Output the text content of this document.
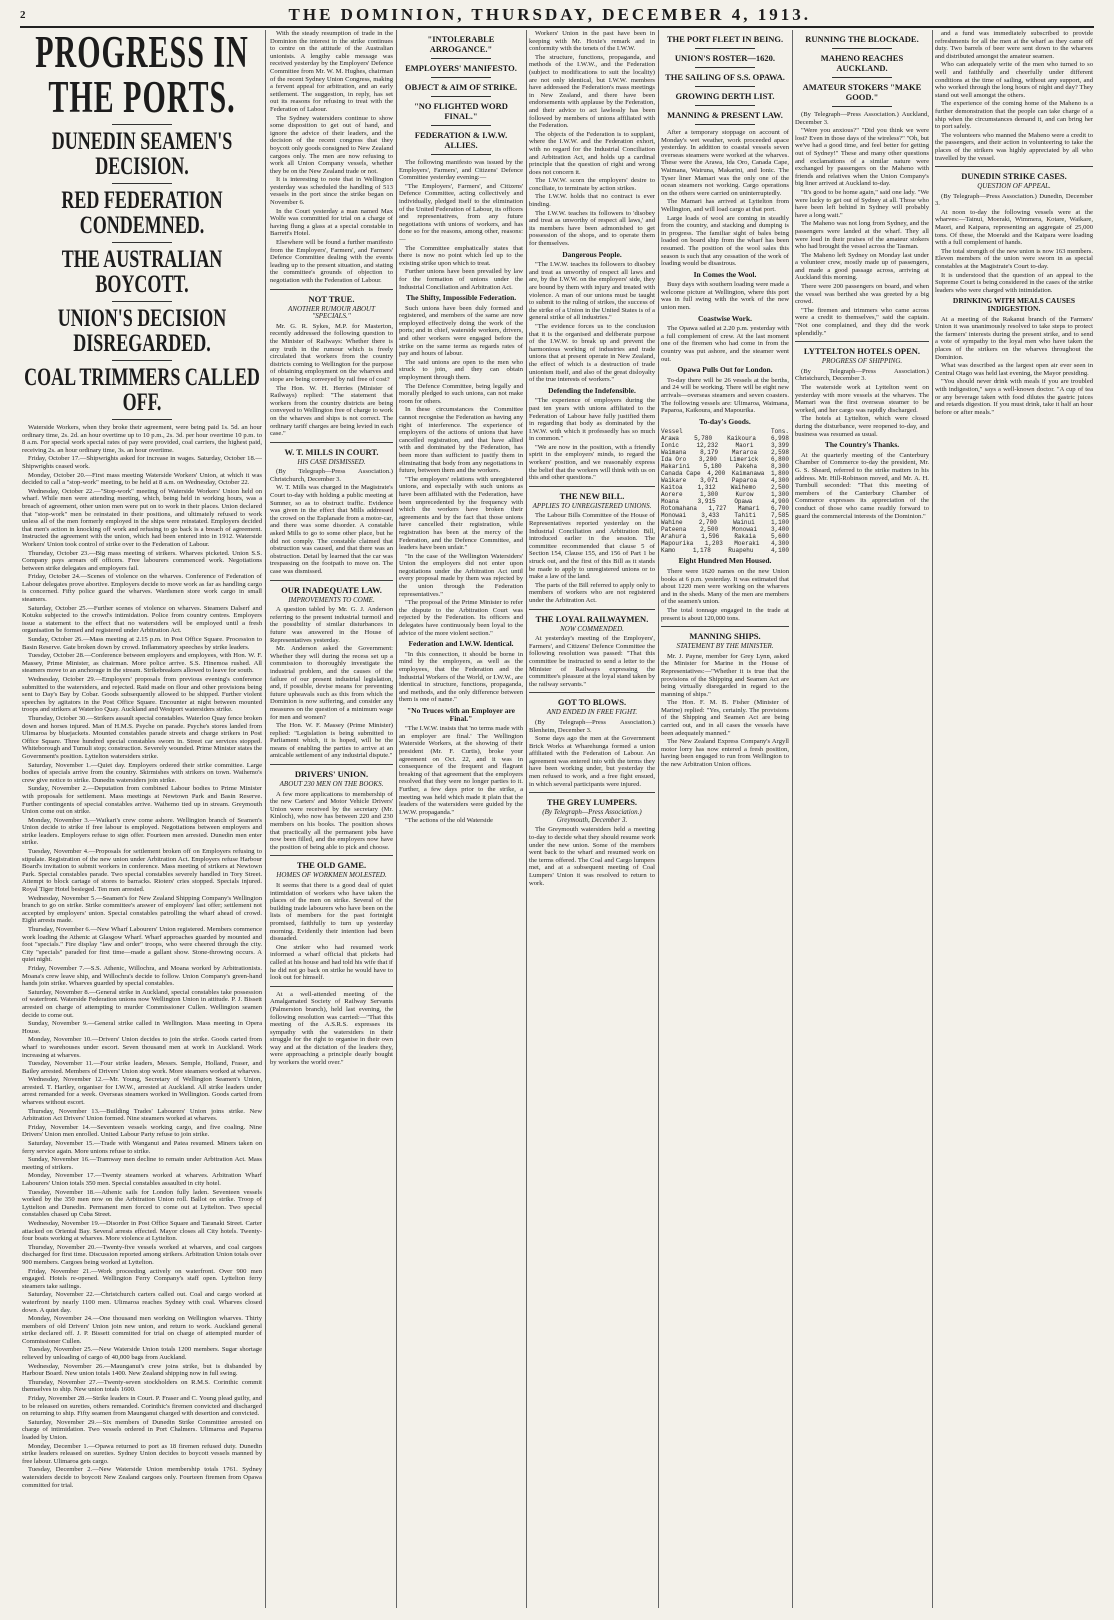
2	THE DOMINION, THURSDAY, DECEMBER 4, 1913.
PROGRESS IN THE PORTS.
DUNEDIN SEAMEN'S DECISION.
RED FEDERATION CONDEMNED.
THE AUSTRALIAN BOYCOTT.
UNION'S DECISION DISREGARDED.
COAL TRIMMERS CALLED OFF.

Waterside Workers, when they broke their agreement, were being paid 1s. 5d. an hour ordinary time, 2s. 2d. an hour overtime up to 10 p.m., 2s. 3d. per hour overtime 10 p.m. to 8 a.m. For special work special rates of pay were provided, coal carriers, the highest paid, receiving 2s. an hour ordinary time, 3s. an hour overtime.

Friday, October 17.—Shipwrights asked for increase in wages. Saturday, October 18.—Shipwrights ceased work.

Monday, October 20.—First mass meeting Waterside Workers' Union, at which it was decided to call a "stop-work" meeting, to be held at 8 a.m. on Wednesday, October 22.

Wednesday, October 22.—"Stop-work" meeting of Waterside Workers' Union held on wharf. While men were attending meeting, which, being held in working hours, was a breach of agreement, other union men were put on to work in their places. Union declared that "stop-work" men be reinstated in their positions, and ultimately refused to work unless all of the men formerly employed in the ships were reinstated. Employers decided that men's action in knocking off work and refusing to go back is a breach of agreement. Instructed the agreement with the union, which had been entered into in 1912. Waterside Workers' Union took control of strike over to the Federation of Labour.

Thursday, October 23.—Big mass meeting of strikers. Wharves picketed. Union S.S. Company pays arrears off officers. Free labourers commenced work. Negotiations between strike delegates and employers fail.

Friday, October 24.—Scenes of violence on the wharves. Conference of Federation of Labour delegates prove abortive. Employers decide to move work as far as handling cargo is concerned. Fifty police guard the wharves. Wardsmen store work cargo in small steamers.

Saturday, October 25.—Further scenes of violence on wharves. Steamers Dalserf and Kotuku subjected to the crowd's intimidation. Police from country centres. Employers issue a statement to the effect that no watersiders will be employed until a fresh organisation be formed and registered under Arbitration Act.

Sunday, October 26.—Mass meeting at 2.15 p.m. in Post Office Square. Procession to Basin Reserve. Gate broken down by crowd. Inflammatory speeches by strike leaders.

Tuesday, October 28.—Conference between employers and employees, with Hon. W. F. Massey, Prime Minister, as chairman. More police arrive. S.S. Hinemoa rushed. All steamers move to an anchorage in the stream. Strikebreakers allowed to leave for south.

Wednesday, October 29.—Employers' proposals from previous evening's conference submitted to the watersiders, and rejected. Raid made on flour and other provisions being sent to Day's Bay by Cobar. Goods subsequently allowed to be shipped. Further violent speeches by agitators in the Post Office Square. Encounter at night between mounted troops and strikers at Waterloo Quay. Auckland and Westport watersiders strike.

Thursday, October 30.—Strikers assault special constables. Waterloo Quay fence broken down and horses injured. Man of H.M.S. Psyche on parade. Psyche's stores landed from Ulimaroa by bluejackets. Mounted constables parade streets and charge strikers in Post Office Square. Three hundred special constables sworn in. Street car services stopped. Whiteborough and Tumuli stop; construction. Severely wounded. Prime Minister states the Government's position. Lyttelton watersiders strike.

Saturday, November 1.—Quiet day. Employers ordered their strike committee. Large bodies of specials arrive from the country. Skirmishes with strikers on town. Waihemo's crew give notice to strike. Dunedin watersiders join strike.

Sunday, November 2.—Deputation from combined Labour bodies to Prime Minister with proposals for settlement. Mass meetings at Newtown Park and Basin Reserve. Further contingents of special constables arrive. Waihemo tied up in stream. Greymouth Union come out on strike.

Monday, November 3.—Waikari's crew come ashore. Wellington branch of Seamen's Union decide to strike if free labour is employed. Negotiations between employers and strike leaders. Employers refuse to sign offer. Fourteen men arrested. Dunedin men enter strike.

Tuesday, November 4.—Proposals for settlement broken off on Employers refusing to stipulate. Registration of the new union under Arbitration Act. Employers refuse Harbour Board's invitation to submit workers in conference. Mass meeting of strikers at Newtown Park. Special constables parade. Two special constables severely handled in Tory Street. Attempt to block cartage of stores to barracks. Rioters' cries stopped. Specials injured. Royal Tiger Hotel besieged. Ten men arrested.

Wednesday, November 5.—Seamen's for New Zealand Shipping Company's Wellington branch to go on strike. Strike committee's answer of employers' last offer; settlement not accepted by employers' union. Special constables patrolling the wharf ahead of crowd. Eight arrests made.

Thursday, November 6.—New Wharf Labourers' Union registered. Members commence work loading the Athenic at Glasgow Wharf. Wharf approaches guarded by mounted and foot "specials." Fire display "law and order" troops, who were cheered through the city. City "specials" paraded for first time—made a gallant show. Stone-throwing occurs. A quiet night.

Friday, November 7.—S.S. Athenic, Willochra, and Moana worked by Arbitrationists. Moana's crew leave ship, and Willochra's decide to follow. Union Company's green-hand hands join strike. Wharves guarded by special constables.

Saturday, November 8.—General strike in Auckland, special constables take possession of waterfront. Waterside Federation unions now Wellington Union in attitude. P. J. Bissett arrested on charge of attempting to murder Commissioner Cullen. Wellington seamen decide to come out.

Sunday, November 9.—General strike called in Wellington. Mass meeting in Opera House.

Monday, November 10.—Drivers' Union decides to join the strike. Goods carted from wharf to warehouses under escort. Seven thousand men at work in Auckland. Work increasing at wharves.

Tuesday, November 11.—Four strike leaders, Messrs. Semple, Holland, Fraser, and Bailey arrested. Members of Drivers' Union stop work. More steamers worked at wharves.

Wednesday, November 12.—Mr. Young, Secretary of Wellington Seamen's Union, arrested. T. Hartley, organiser for I.W.W., arrested at Auckland. All strike leaders under arrest remanded for a week. Overseas steamers worked in Wellington. Goods carted from wharves without escort.

Thursday, November 13.—Building Trades' Labourers' Union joins strike. New Arbitration Act Drivers' Union formed. Nine steamers worked at wharves.

Friday, November 14.—Seventeen vessels working cargo, and five coaling. Nine Drivers' Union men enrolled. United Labour Party refuse to join strike.

Saturday, November 15.—Trade with Wanganui and Patea resumed. Miners taken on ferry service again. More unions refuse to strike.

Sunday, November 16.—Tramway men decline to remain under Arbitration Act. Mass meeting of strikers.

Monday, November 17.—Twenty steamers worked at wharves. Arbitration Wharf Labourers' Union totals 350 men. Special constables assaulted in city hotel.

Tuesday, November 18.—Athenic sails for London fully laden. Seventeen vessels worked by the 350 men now on the Arbitration Union roll. Ballot on strike. Troop of Lyttelton and Dunedin. Permanent men forced to come out at Lyttelton. Two special constables chased up Cuba Street.

Wednesday, November 19.—Disorder in Post Office Square and Taranaki Street. Carter attacked on Oriental Bay. Several arrests effected. Mayor closes all City hotels. Twenty-four boats working at wharves. More violence at Lyttelton.

Thursday, November 20.—Twenty-five vessels worked at wharves, and coal cargoes discharged for first time. Discussion reported among strikers. Arbitration Union totals over 900 members. Cargoes being worked at Lyttelton.

Friday, November 21.—Work proceeding actively on waterfront. Over 900 men engaged. Hotels re-opened. Wellington Ferry Company's staff open. Lyttelton ferry steamers take sailings.

Saturday, November 22.—Christchurch carters called out. Coal and cargo worked at waterfront by nearly 1100 men. Ulimaroa reaches Sydney with coal. Wharves closed down. A quiet day.

Monday, November 24.—One thousand men working on Wellington wharves. Thirty members of old Drivers' Union join new union, and return to work. Auckland general strike declared off. J. P. Bissett committed for trial on charge of attempted murder of Commissioner Cullen.

Tuesday, November 25.—New Waterside Union totals 1200 members. Sugar shortage relieved by unloading of cargo of 40,000 bags from Auckland.

Wednesday, November 26.—Maunganui's crew joins strike, but is disbanded by Harbour Board. New union totals 1400. New Zealand shipping now in full swing.

Thursday, November 27.—Twenty-seven stockholders on R.M.S. Corinthic commit themselves to ship. New union totals 1600.

Friday, November 28.—Strike leaders in Court. P. Fraser and C. Young plead guilty, and to be released on sureties, others remanded. Corinthic's firemen convicted and discharged on returning to ship. Fifty seamen from Maunganui charged with desertion and convicted.

Saturday, November 29.—Six members of Dunedin Strike Committee arrested on charge of intimidation. Two vessels ordered in Port Chalmers. Ulimaroa and Paparoa loaded by Union.

Monday, December 1.—Opawa returned to port as 18 firemen refused duty. Dunedin strike leaders released on sureties. Sydney Union decides to boycott vessels manned by free labour. Ulimaroa gets cargo.

Tuesday, December 2.—New Waterside Union membership totals 1761. Sydney watersiders decide to boycott New Zealand cargoes only. Fourteen firemen from Opawa committed for trial.

With the steady resumption of trade in the Dominion the interest in the strike continues to centre on the attitude of the Australian unionists. A lengthy cable message was received yesterday by the Employers' Defence Committee from Mr. W. M. Hughes, chairman of the recent Sydney Union Congress, making a fervent appeal for arbitration, and an early settlement. The suggestion, in reply, has set out its reasons for refusing to treat with the Federation of Labour.

The Sydney watersiders continue to show some disposition to get out of hand, and ignore the advice of their leaders, and the decision of the recent congress that they boycott only goods consigned to New Zealand cargoes only. The men are now refusing to work all Union Company vessels, whether they be on the New Zealand trade or not.

It is interesting to note that in Wellington yesterday was scheduled the handling of 513 vessels in the port since the strike began on November 6.

In the Court yesterday a man named Max Wolfe was committed for trial on a charge of having flung a glass at a special constable in Barrett's Hotel.

Elsewhere will be found a further manifesto from the Employers', Farmers', and Farmers' Defence Committee dealing with the events leading up to the present situation, and stating the committee's grounds of objection to negotiation with the Federation of Labour.

NOT TRUE.
ANOTHER RUMOUR ABOUT "SPECIALS."

Mr. G. R. Sykes, M.P. for Masterton, recently addressed the following question to the Minister of Railways: Whether there is any truth in the rumour which is freely circulated that workers from the country districts coming to Wellington for the purpose of obtaining employment on the wharves and stope are being conveyed by rail free of cost?

The Hon. W. H. Herries (Minister of Railways) replied: "The statement that workers from the country districts are being conveyed to Wellington free of charge to work on the wharves and ships is not correct. The ordinary tariff charges are being levied in each case."

W. T. MILLS IN COURT.
HIS CASE DISMISSED.

(By Telegraph—Press Association.) Christchurch, December 3.

W. T. Mills was charged in the Magistrate's Court to-day with holding a public meeting at Sumner, so as to obstruct traffic. Evidence was given in the effect that Mills addressed the crowd on the Esplanade from a motor-car, and there was some disorder. A constable asked Mills to go to some other place, but he did not comply. The constable claimed that obstruction was caused, and that there was an obstruction. Detail by learned that the car was trespassing on the footpath to move on. The case was dismissed.

OUR INADEQUATE LAW.
IMPROVEMENTS TO COME.

A question tabled by Mr. G. J. Anderson referring to the present industrial turmoil and the possibility of similar disturbances in future was answered in the House of Representatives yesterday.

Mr. Anderson asked the Government: Whether they will during the recess set up a commission to thoroughly investigate the industrial problem, and the causes of the failure of our present industrial legislation, and, if possible, devise means for preventing future upheavals such as this from which the Dominion is now suffering, and consider any measures on the question of a minimum wage for men and women?

The Hon. W. F. Massey (Prime Minister) replied: "Legislation is being submitted to Parliament which, it is hoped, will be the means of enabling the parties to arrive at an amicable settlement of any industrial dispute."

DRIVERS' UNION.
ABOUT 230 MEN ON THE BOOKS.

A few more applications to membership of the new Carters' and Motor Vehicle Drivers' Union were received by the secretary (Mr. Kinloch), who now has between 220 and 230 members on his books. The position shows that practically all the permanent jobs have now been filled, and the employers now have the position of being able to pick and choose.

THE OLD GAME.
HOMES OF WORKMEN MOLESTED.

It seems that there is a good deal of quiet intimidation of workers who have taken the places of the men on strike. Several of the building trade labourers who have been on the lists of members for the past fortnight promised, faithfully to turn up yesterday morning. Evidently their intention had been dissuaded.

One striker who had resumed work informed a wharf official that pickets had called at his house and had told his wife that if he did not go back on strike he would have to look out for himself.

At a well-attended meeting of the Amalgamated Society of Railway Servants (Palmerston branch), held last evening, the following resolution was carried:—"That this meeting of the A.S.R.S. expresses its sympathy with the watersiders in their struggle for the right to organise in their own way and at the dictation of the leaders they, were approaching a principle dearly bought by workers the world over."

"INTOLERABLE ARROGANCE."
EMPLOYERS' MANIFESTO.
OBJECT & AIM OF STRIKE.
"NO FLIGHTED WORD FINAL."
FEDERATION & I.W.W. ALLIES.

The following manifesto was issued by the Employers', Farmers', and Citizens' Defence Committee yesterday evening:—

"The Employers', Farmers', and Citizens' Defence Committee, acting collectively and individually, pledged itself to the elimination of the United Federation of Labour, its officers and representatives, from any future negotiations with unions of workers, and has done so for the reasons, among other, reasons:—

The Committee emphatically states that there is now no point which led up to the existing strike upon which to treat.

Further unions have been prevailed by law for the formation of unions under the Industrial Conciliation and Arbitration Act.

The Shifty, Impossible Federation.

Such unions have been duly formed and registered, and members of the same are now employed effectively doing the work of the ports; and in chief, waterside workers, drivers, and other workers were engaged before the strike on the same terms as regards rates of pay and hours of labour.

The said unions are open to the men who struck to join, and they can obtain employment through them.

The Defence Committee, being legally and morally pledged to such unions, can not make room for others.

In these circumstances the Committee cannot recognise the Federation as having any right of interference. The experience of employers of the actions of unions that have cancelled registration, and that have allied with and dominated by the Federation, has been more than sufficient to justify them in eliminating that body from any negotiations in future, between them and the workers.

"The employers' relations with unregistered unions, and especially with such unions as have been affiliated with the Federation, have been unprecedented by the frequency with which the workers have broken their agreements and by the fact that those unions have cancelled their registration, while registration has been at the mercy of the Federation, and the Defence Committee, and leaders have been unfair."

"In the case of the Wellington Watersiders' Union the employers did not enter upon negotiations under the Arbitration Act until every proposal made by them was rejected by the union through the Federation representatives."

"The proposal of the Prime Minister to refer the dispute to the Arbitration Court was rejected by the Federation. Its officers and delegates have continuously been loyal to the advice of the more violent section."

Federation and I.W.W. Identical.

"In this connection, it should be borne in mind by the employers, as well as the employees, that the Federation and the Industrial Workers of the World, or I.W.W., are identical in structure, functions, propaganda, and methods, and the only difference between them is one of name."

"No Truces with an Employer are Final."

"The I.W.W. insists that 'no terms made with an employer are final.' The Wellington Waterside Workers, at the showing of their president (Mr. F. Curtis), broke your agreement on Oct. 22, and it was in consequence of the frequent and flagrant breaking of that agreement that the employers resolved that they were no longer parties to it. Further, a few days prior to the strike, a meeting was held which made it plain that the leaders of the watersiders were guided by the I.W.W. propaganda."

"The actions of the old Waterside

Workers' Union in the past have been in keeping with Mr. Hoxie's remark and in conformity with the tenets of the I.W.W.

The structure, functions, propaganda, and methods of the I.W.W., and the Federation (subject to modifications to suit the locality) are not only identical, but I.W.W. members have addressed the Federation's mass meetings in New Zealand, and there have been endorsements with applause by the Federation, and their advice to act lawlessly has been followed by members of unions affiliated with the Federation.

The objects of the Federation is to supplant, where the I.W.W. and the Federation exhort, with no regard for the Industrial Conciliation and Arbitration Act, and holds up a cardinal principle that the question of right and wrong does not concern it.

The I.W.W. scorn the employers' desire to conciliate, to terminate by action strikes.

The I.W.W. holds that no contract is ever binding.

The I.W.W. teaches its followers to 'disobey and treat as unworthy of respect all laws,' and its members have been admonished to get possession of the shops, and to operate them for themselves.

Dangerous People.

"The I.W.W. teaches its followers to disobey and treat as unworthy of respect all laws and are, by the I.W.W. on the employers' side, they are bound by them with injury and treated with violence. A man of our unions must be taught to submit to the ruling of strikes, the success of the strike of a Union in the United States is of a general strike of all industries."

"The evidence forces us to the conclusion that it is the organised and deliberate purpose of the I.W.W. to break up and prevent the harmonious working of industries and trade unions that at present operate in New Zealand, the effect of which is a destruction of trade unionism itself, and also of the great disloyalty of the true interests of workers."

Defending the Indefensible.

"The experience of employers during the past ten years with unions affiliated to the Federation of Labour have fully justified them in regarding that body as dominated by the I.W.W. with which it professedly has so much in common."

"We are now in the position, with a friendly spirit in the employers' minds, to regard the workers' position, and we reasonably express the belief that the workers will think with us on this and other questions."

THE NEW BILL.
APPLIES TO UNREGISTERED UNIONS.

The Labour Bills Committee of the House of Representatives reported yesterday on the Industrial Conciliation and Arbitration Bill, introduced earlier in the session. The committee recommended that clause 5 of Section 154, Clause 155, and 156 of Part 1 be struck out, and the first of this Bill as it stands be made to apply to unregistered unions or to make a law of the land.

The parts of the Bill referred to apply only to members of workers who are not registered under the Arbitration Act.

THE LOYAL RAILWAYMEN.
NOW COMMENDED.

At yesterday's meeting of the Employers', Farmers', and Citizens' Defence Committee the following resolution was passed: "That this committee be instructed to send a letter to the Minister of Railways expressing the committee's pleasure at the loyal stand taken by the railway servants."

GOT TO BLOWS.
AND ENDED IN FREE FIGHT.

(By Telegraph—Press Association.) Blenheim, December 3.

Some days ago the men at the Government Brick Works at Wharehunga formed a union affiliated with the Federation of Labour. An agreement was entered into with the terms they have been working under, but yesterday the men refused to work, and a free fight ensued, in which several participants were injured.

THE GREY LUMPERS.
(By Telegraph—Press Association.) Greymouth, December 3.

The Greymouth watersiders held a meeting to-day to decide what they should resume work under the new union. Some of the members went back to the wharf and resumed work on the terms offered. The Coal and Cargo lumpers met, and at a subsequent meeting of Coal Lumpers' Union it was resolved to return to work.

THE PORT FLEET IN BEING.
UNION'S ROSTER—1620.
THE SAILING OF S.S. OPAWA.
GROWING DERTH LIST.
MANNING & PRESENT LAW.

After a temporary stoppage on account of Monday's wet weather, work proceeded apace yesterday. In addition to coastal vessels seven overseas steamers were worked at the wharves. These were the Arawa, Ida Oro, Canada Cape, Waimana, Wairuna, Makarini, and Ionic. The Tyser liner Mamari was the only one of the ocean steamers not working. Cargo operations on the others were carried on uninterruptedly.

The Mamari has arrived at Lyttelton from Wellington, and will load cargo at that port.

Large loads of wool are coming in steadily from the country, and stacking and dumping is in progress. The familiar sight of bales being loaded on board ship from the wharf has been resumed. The position of the wool sales this season is such that any cessation of the work of loading would be disastrous.

In Comes the Wool.

Busy days with southern loading were made a welcome picture at Wellington, where this port was in full swing with the work of the new union men.

Coastwise Work.

The Opawa sailed at 2.20 p.m. yesterday with a full complement of crew. At the last moment one of the firemen who had come in from the country was put ashore, and the steamer went out.

Opawa Pulls Out for London.

To-day there will be 26 vessels at the berths, and 24 will be working. There will be eight new arrivals—overseas steamers and seven coasters. The following vessels are: Ulimaroa, Waimana, Paparoa, Kaikoura, and Mapourika.

To-day's Goods.
Vessel	Tons.
Arawa	5,780	Kaikoura	6,998
Ionic	12,232	Maori	3,399
Waimana 8,179 Mararoa 2,598
Ida Oro 3,200 Limerick 6,800
Makarini 5,180 Pakeha 8,300
Canada Cape 4,200 Kaimanawa 1,800
Waikare 3,071 Paparoa 4,300
Kaitoa	1,312	Waihemo	2,500
Aorere	1,300	Kurow	1,300
Moana	3,915	Opawa	4,900
Rotomahana 1,727 Mamari 6,700
Monowai	3,433	Tahiti	7,585
Wahine	2,700	Wainui	1,100
Pateena 2,500 Monowai 3,400
Arahura	1,596	Rakaia	5,600
Mapourika 1,203 Moeraki 4,300
Kamo	1,178	Ruapehu	4,100
Eight Hundred Men Housed.

There were 1620 names on the new Union books at 6 p.m. yesterday. It was estimated that about 1220 men were working on the wharves and in the sheds. Many of the men are members of the seamen's union.

The total tonnage engaged in the trade at present is about 120,000 tons.

MANNING SHIPS.
STATEMENT BY THE MINISTER.

Mr. J. Payne, member for Grey Lynn, asked the Minister for Marine in the House of Representatives:—"Whether it is true that the provisions of the Shipping and Seamen Act are being virtually disregarded in regard to the manning of ships."

The Hon. F. M. B. Fisher (Minister of Marine) replied: "Yes, certainly. The provisions of the Shipping and Seamen Act are being carried out, and in all cases the vessels have been adequately manned."

The New Zealand Express Company's Argyll motor lorry has now entered a fresh position, having been engaged to run from Wellington to the new Arbitration Union offices.

RUNNING THE BLOCKADE.
MAHENO REACHES AUCKLAND.
AMATEUR STOKERS "MAKE GOOD."

(By Telegraph—Press Association.) Auckland, December 3.

"Were you anxious?" "Did you think we were lost? Even in those days of the wireless?" "Oh, but we've had a good time, and feel better for getting out of Sydney!" These and many other questions and exclamations of a similar nature were exchanged by passengers on the Maheno with friends and relatives when the Union Company's big liner arrived at Auckland to-day.

"It's good to be home again," said one lady. "We were lucky to get out of Sydney at all. Those who have been left behind in Sydney will probably have a long wait."

The Maheno was not long from Sydney, and the passengers were landed at the wharf. They all were loud in their praises of the amateur stokers who had brought the vessel across the Tasman.

The Maheno left Sydney on Monday last under a volunteer crew, mostly made up of passengers, and made a good passage across, arriving at Auckland this morning.

There were 200 passengers on board, and when the vessel was berthed she was greeted by a big crowd.

"The firemen and trimmers who came across were a credit to themselves," said the captain. "Not one complained, and they did the work splendidly."

LYTTELTON HOTELS OPEN.
PROGRESS OF SHIPPING.

(By Telegraph—Press Association.) Christchurch, December 3.

The waterside work at Lyttelton went on yesterday with more vessels at the wharves. The Mamari was the first overseas steamer to be worked, and her cargo was rapidly discharged.

The hotels at Lyttelton, which were closed during the disturbance, were reopened to-day, and business was resumed as usual.

The Country's Thanks.

At the quarterly meeting of the Canterbury Chamber of Commerce to-day the president, Mr. G. S. Sheard, referred to the strike matters in his address. Mr. Hill-Robinson moved, and Mr. A. H. Turnbull seconded: "That this meeting of members of the Canterbury Chamber of Commerce expresses its appreciation of the conduct of those who came readily forward to guard the commercial interests of the Dominion."

and a fund was immediately subscribed to provide refreshments for all the men at the wharf as they came off duty. Two barrels of beer were sent down to the wharves and distributed amongst the amateur seamen.

Who can adequately write of the men who turned to so well and faithfully and cheerfully under different conditions at the time of sailing, without any support, and who worked through the long hours of night and day? They stand out well amongst the others.

The experience of the coming home of the Maheno is a further demonstration that the people can take charge of a ship when the circumstances demand it, and can bring her to port safely.

The volunteers who manned the Maheno were a credit to the passengers, and their action in volunteering to take the places of the strikers was highly appreciated by all who travelled by the vessel.

DUNEDIN STRIKE CASES.
QUESTION OF APPEAL.

(By Telegraph—Press Association.) Dunedin, December 3.

At noon to-day the following vessels were at the wharves:—Tainui, Moeraki, Wimmera, Kotare, Waikare, Maori, and Kaipara, representing an aggregate of 25,000 tons. Of these, the Moeraki and the Kaipara were loading with a full complement of hands.

The total strength of the new union is now 163 members. Eleven members of the union were sworn in as special constables at the Magistrate's Court to-day.

It is understood that the question of an appeal to the Supreme Court is being considered in the cases of the strike leaders who were charged with intimidation.

DRINKING WITH MEALS CAUSES INDIGESTION.

At a meeting of the Rakanui branch of the Farmers' Union it was unanimously resolved to take steps to protect the farmers' interests during the present strike, and to send a vote of sympathy to the loyal men who have taken the places of the strikers on the wharves throughout the Dominion.

What was described as the largest open air ever seen in Central Otago was held last evening, the Mayor presiding.

"You should never drink with meals if you are troubled with indigestion," says a well-known doctor. "A cup of tea or any beverage taken with food dilutes the gastric juices and retards digestion. If you must drink, take it half an hour before or after meals."
